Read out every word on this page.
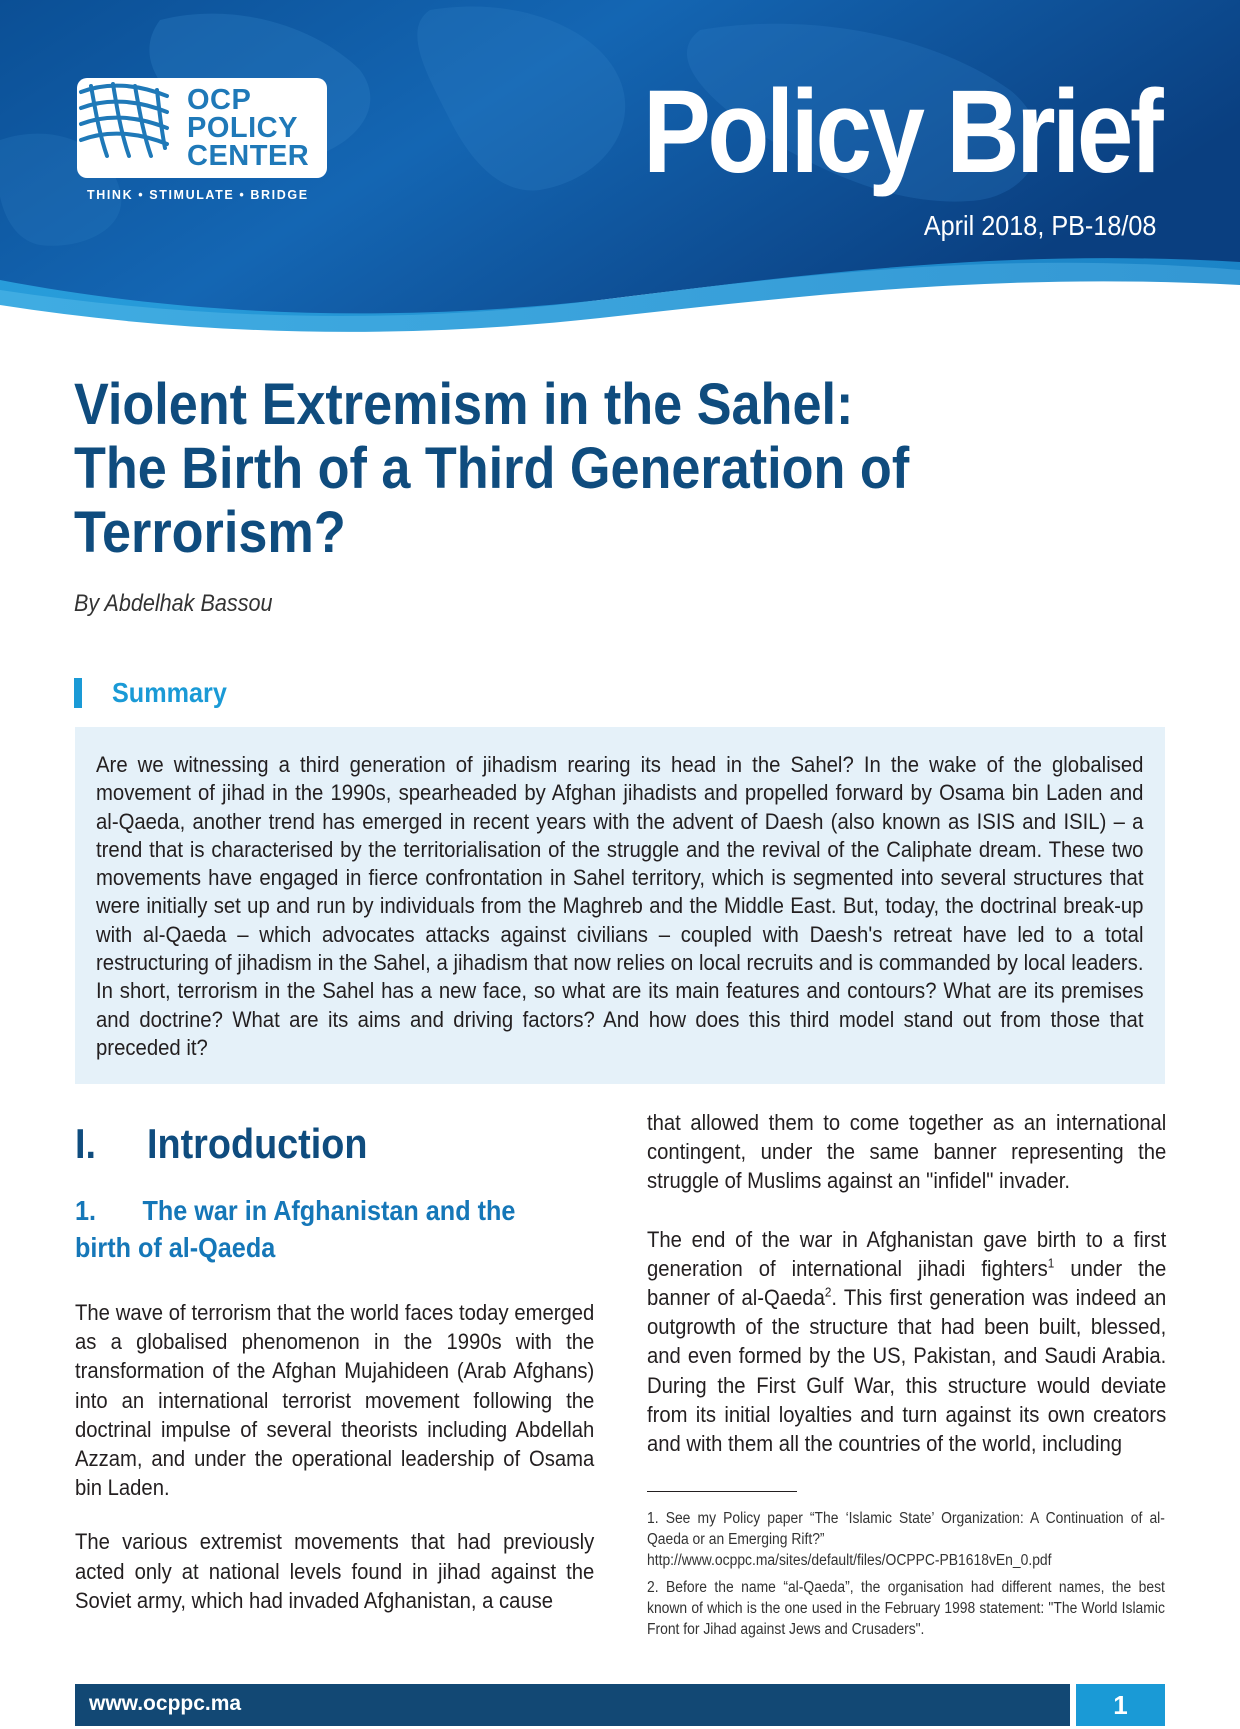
OCP
POLICY
CENTER
THINK • STIMULATE • BRIDGE	Policy Brief
April 2018, PB-18/08
Violent Extremism in the Sahel:
The Birth of a Third Generation of
Terrorism?
By Abdelhak Bassou
Summary

Are we witnessing a third generation of jihadism rearing its head in the Sahel? In the wake of the globalised movement of jihad in the 1990s, spearheaded by Afghan jihadists and propelled forward by Osama bin Laden and al-Qaeda, another trend has emerged in recent years with the advent of Daesh (also known as ISIS and ISIL) – a trend that is characterised by the territorialisation of the struggle and the revival of the Caliphate dream. These two movements have engaged in fierce confrontation in Sahel territory, which is segmented into several structures that were initially set up and run by individuals from the Maghreb and the Middle East. But, today, the doctrinal break-up with al-Qaeda – which advocates attacks against civilians – coupled with Daesh's retreat have led to a total restructuring of jihadism in the Sahel, a jihadism that now relies on local recruits and is commanded by local leaders. In short, terrorism in the Sahel has a new face, so what are its main features and contours? What are its premises and doctrine? What are its aims and driving factors? And how does this third model stand out from those that preceded it?

I.	Introduction
1. The war in Afghanistan and the
birth of al-Qaeda

The wave of terrorism that the world faces today emerged as a globalised phenomenon in the 1990s with the transformation of the Afghan Mujahideen (Arab Afghans) into an international terrorist movement following the doctrinal impulse of several theorists including Abdellah Azzam, and under the operational leadership of Osama bin Laden.

The various extremist movements that had previously acted only at national levels found in jihad against the Soviet army, which had invaded Afghanistan, a cause

that allowed them to come together as an international contingent, under the same banner representing the struggle of Muslims against an "infidel" invader.

The end of the war in Afghanistan gave birth to a first generation of international jihadi fighters$^1$ under the banner of al-Qaeda$^2$. This first generation was indeed an outgrowth of the structure that had been built, blessed, and even formed by the US, Pakistan, and Saudi Arabia. During the First Gulf War, this structure would deviate from its initial loyalties and turn against its own creators and with them all the countries of the world, including

1. See my Policy paper “The ‘Islamic State’ Organization: A Continuation of al-Qaeda or an Emerging Rift?”
http://www.ocppc.ma/sites/default/files/OCPPC-PB1618vEn_0.pdf

2. Before the name “al-Qaeda”, the organisation had different names, the best known of which is the one used in the February 1998 statement: "The World Islamic Front for Jihad against Jews and Crusaders".

www.ocppc.ma	1
